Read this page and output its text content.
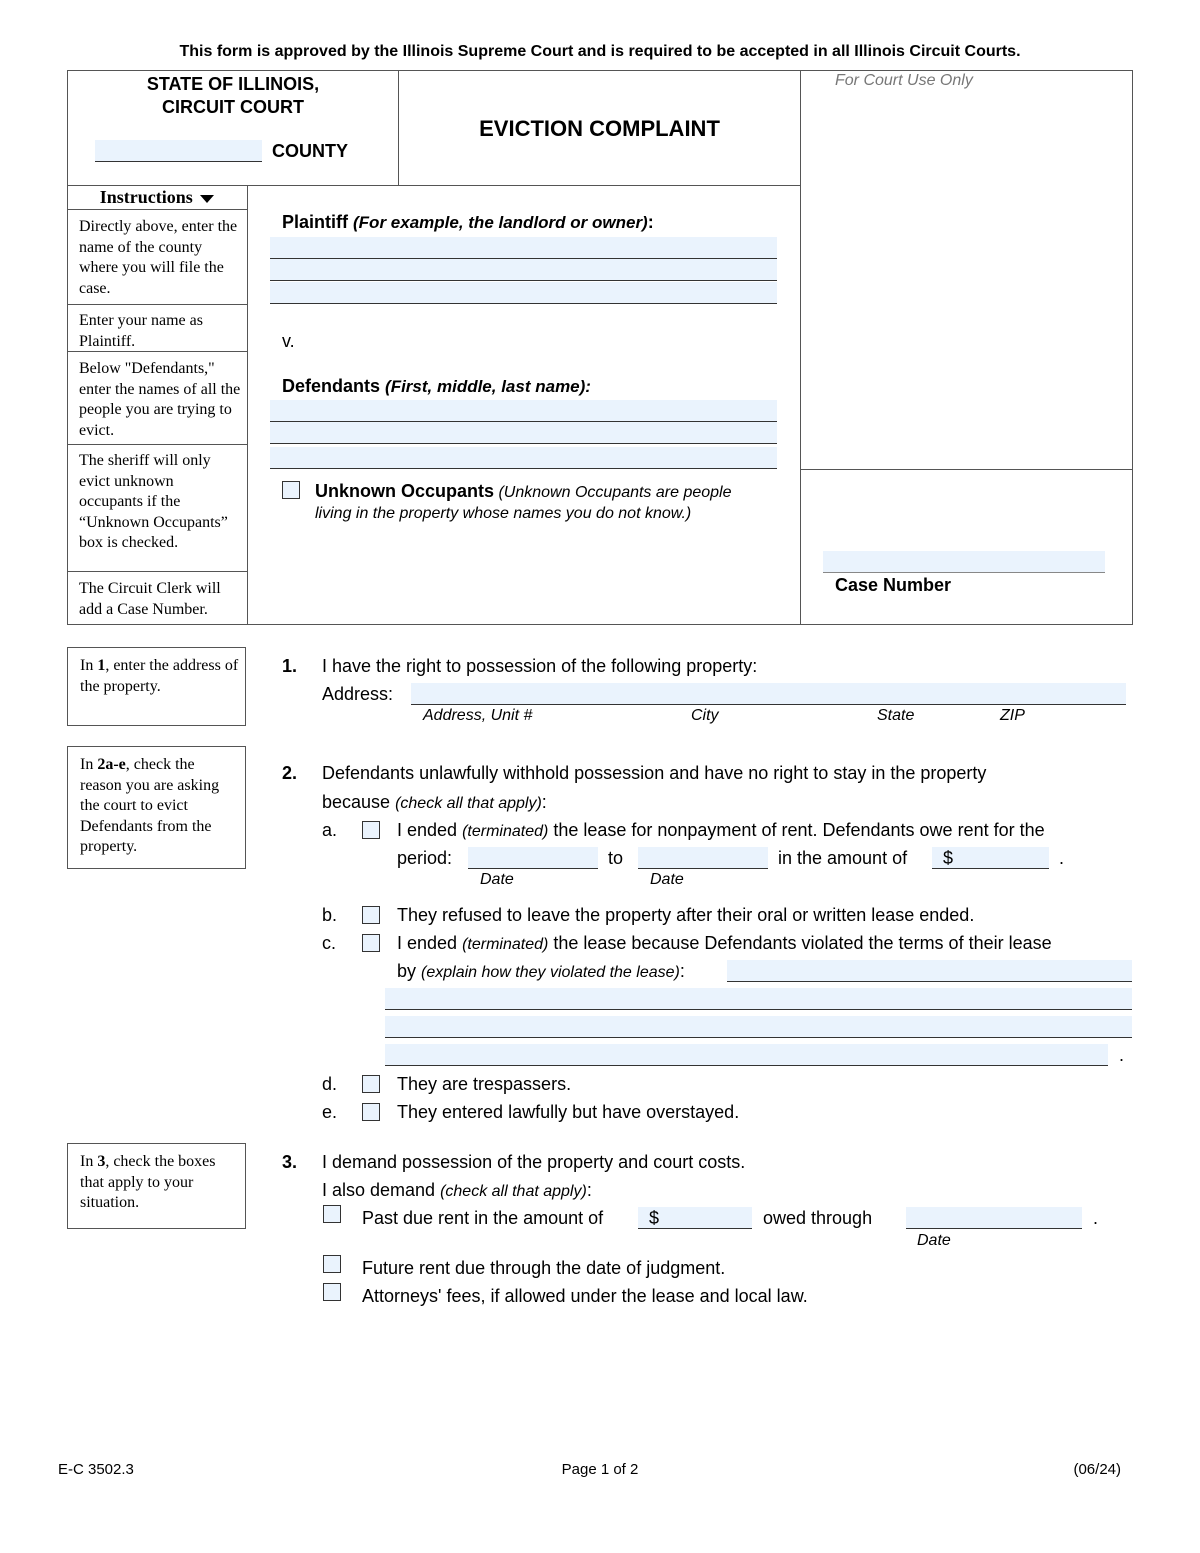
This form is approved by the Illinois Supreme Court and is required to be accepted in all Illinois Circuit Courts.
STATE OF ILLINOIS,
CIRCUIT COURT
COUNTY
EVICTION COMPLAINT
For Court Use Only
Case Number
Instructions
Directly above, enter the name of the county where you will file the case.
Enter your name as Plaintiff.
Below "Defendants," enter the names of all the people you are trying to evict.
The sheriff will only evict unknown occupants if the “Unknown Occupants” box is checked.
The Circuit Clerk will add a Case Number.
Plaintiff (For example, the landlord or owner):
v.
Defendants (First, middle, last name):
Unknown Occupants (Unknown Occupants are people living in the property whose names you do not know.)
In 1, enter the address of the property.
1. I have the right to possession of the following property:
Address:
Address, Unit #	City	State	ZIP
In 2a-e, check the reason you are asking the court to evict Defendants from the property.
2. Defendants unlawfully withhold possession and have no right to stay in the property
because (check all that apply):
a.	I ended (terminated) the lease for nonpayment of rent. Defendants owe rent for the
period:	to	in the amount of $	.
Date	Date
b.	They refused to leave the property after their oral or written lease ended.
c.	I ended (terminated) the lease because Defendants violated the terms of their lease
by (explain how they violated the lease):
.
d.	They are trespassers.
e.	They entered lawfully but have overstayed.
In 3, check the boxes that apply to your situation.
3. I demand possession of the property and court costs.
I also demand (check all that apply):
Past due rent in the amount of	$	owed through	.
Date
Future rent due through the date of judgment.
Attorneys' fees, if allowed under the lease and local law.
E-C 3502.3	Page 1 of 2	(06/24)
